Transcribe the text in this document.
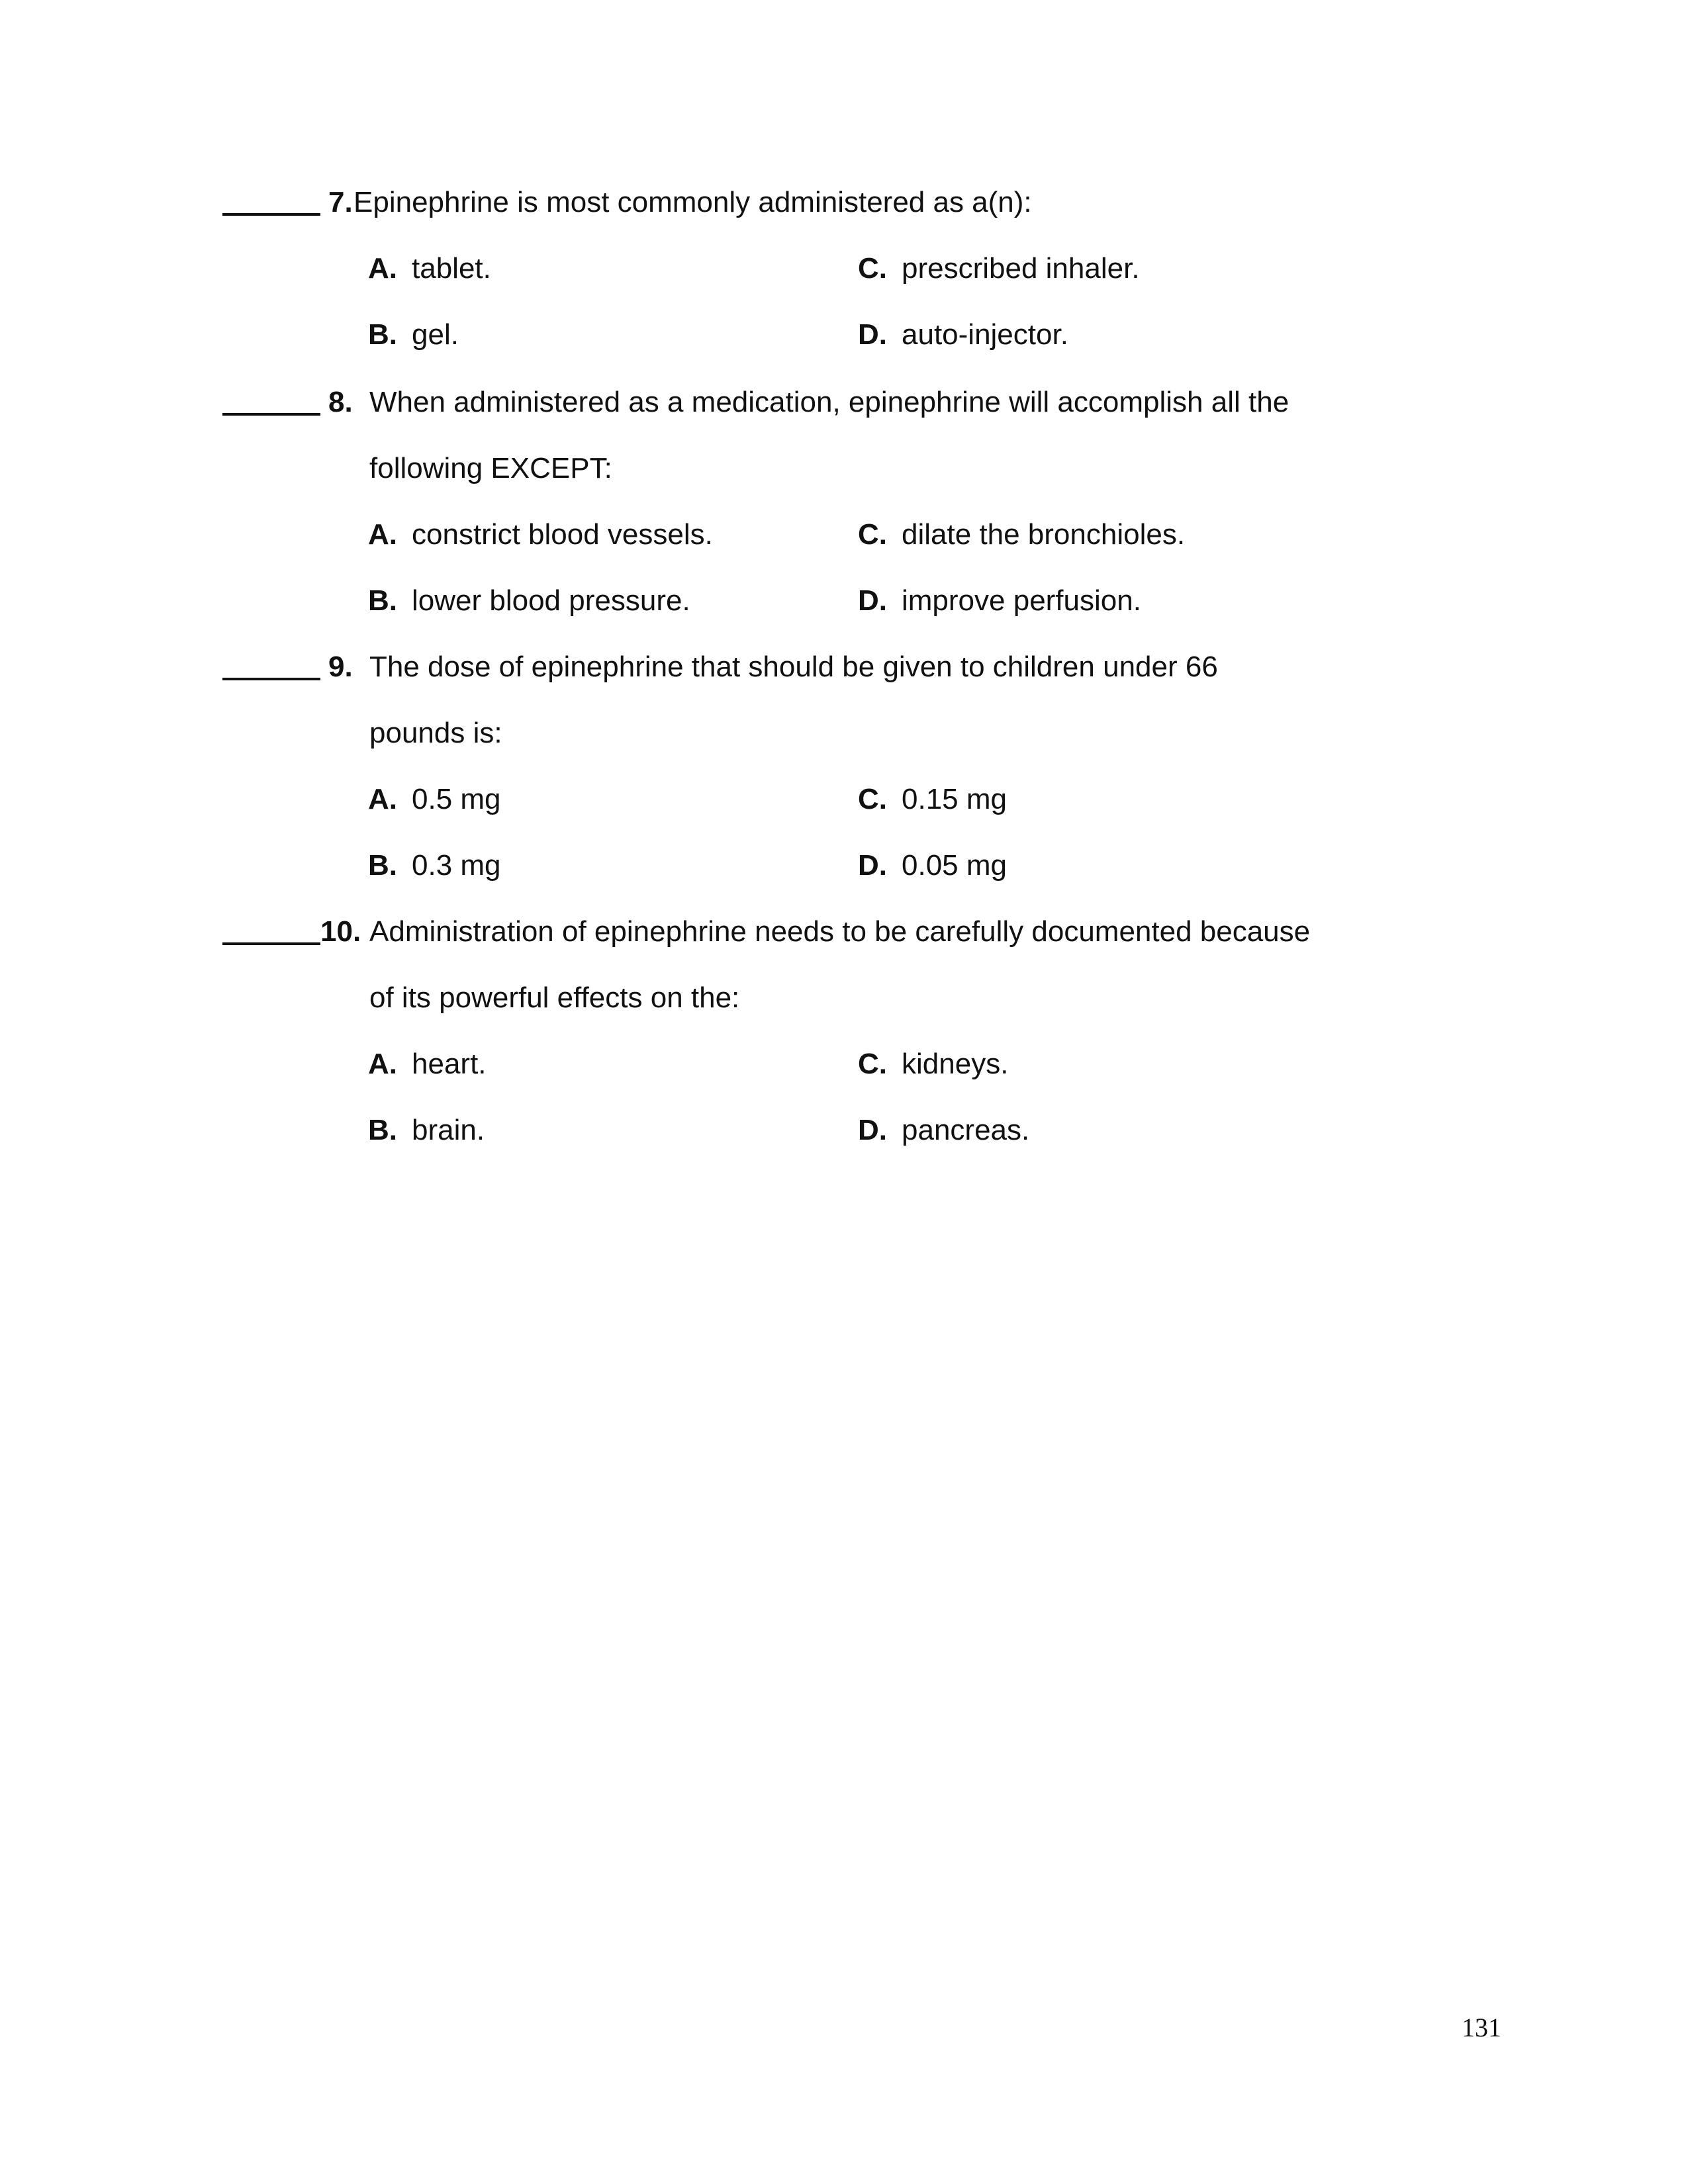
7. Epinephrine is most commonly administered as a(n):
A. tablet.
B. gel.
C. prescribed inhaler.
D. auto-injector.
8. When administered as a medication, epinephrine will accomplish all the
following EXCEPT:
A. constrict blood vessels.
B. lower blood pressure.
C. dilate the bronchioles.
D. improve perfusion.
9. The dose of epinephrine that should be given to children under 66
pounds is:
A. 0.5 mg
B. 0.3 mg
C. 0.15 mg
D. 0.05 mg
10. Administration of epinephrine needs to be carefully documented because
of its powerful effects on the:
A. heart.
B. brain.
C. kidneys.
D. pancreas.
131
